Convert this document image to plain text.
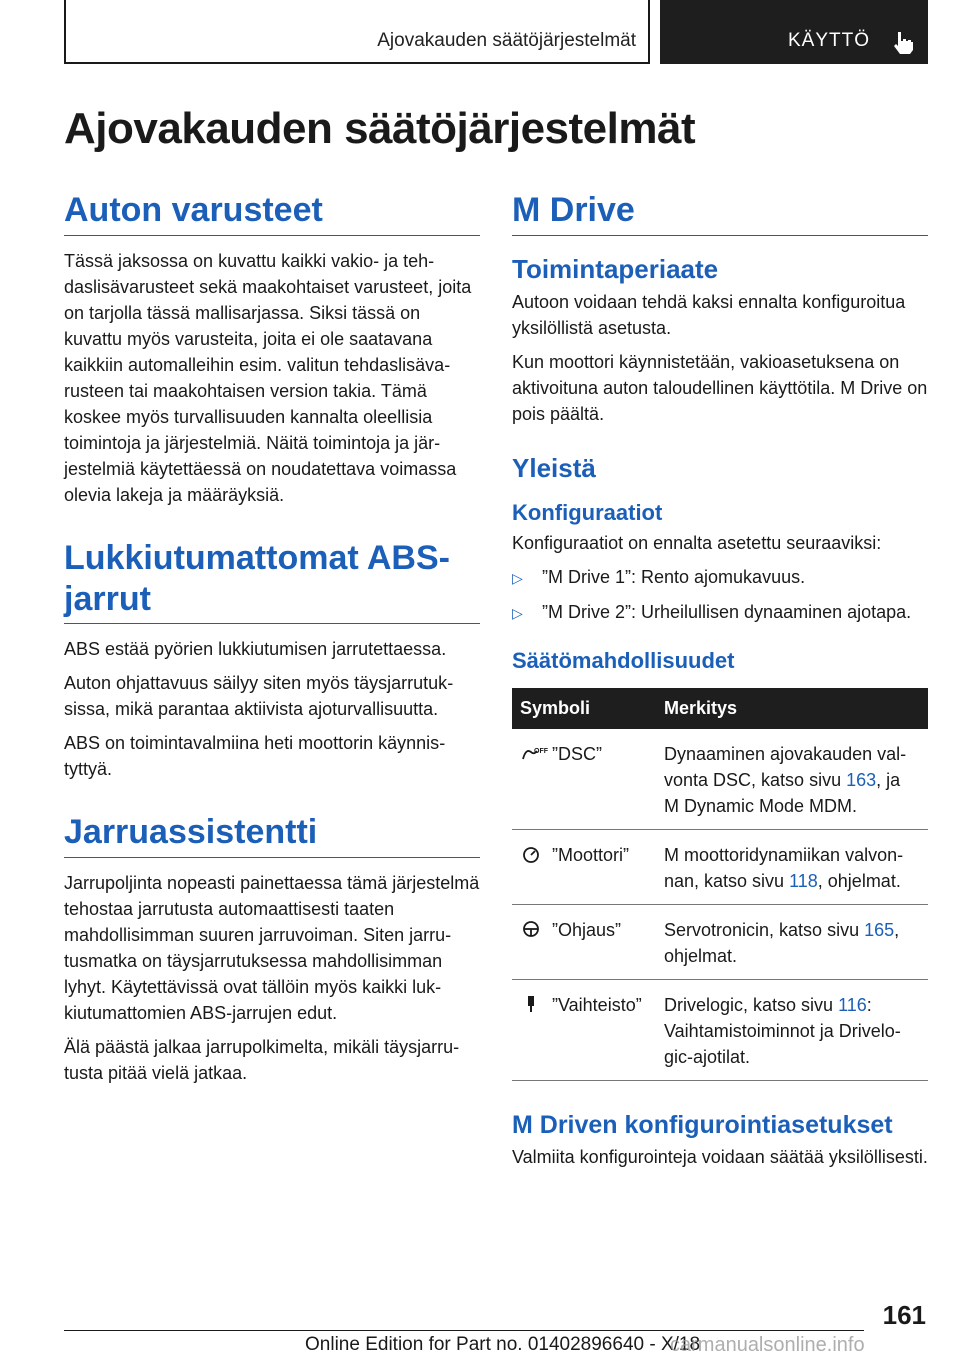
Ajovakauden säätöjärjestelmät	KÄYTTÖ
Ajovakauden säätöjärjestelmät
Auton varusteet

Tässä jaksossa on kuvattu kaikki vakio- ja tehdaslisävarusteet sekä maakohtaiset varusteet, joita on tarjolla tässä mallisarjassa. Siksi tässä on kuvattu myös varusteita, joita ei ole saatavana kaikkiin automalleihin esim. valitun tehdaslisävarusteen tai maakohtaisen version takia. Tämä koskee myös turvallisuuden kannalta oleellisia toimintoja ja järjestelmiä. Näitä toimintoja ja järjestelmiä käytettäessä on noudatettava voimassa olevia lakeja ja määräyksiä.

Lukkiutumattomat ABS-jarrut

ABS estää pyörien lukkiutumisen jarrutettaessa.

Auton ohjattavuus säilyy siten myös täysjarrutuksissa, mikä parantaa aktiivista ajoturvallisuutta.

ABS on toimintavalmiina heti moottorin käynnistyttyä.

Jarruassistentti

Jarrupoljinta nopeasti painettaessa tämä järjestelmä tehostaa jarrutusta automaattisesti taaten mahdollisimman suuren jarruvoiman. Siten jarrutusmatka on täysjarrutuksessa mahdollisimman lyhyt. Käytettävissä ovat tällöin myös kaikki lukkiutumattomien ABS-jarrujen edut.

Älä päästä jalkaa jarrupolkimelta, mikäli täysjarrutusta pitää vielä jatkaa.

M Drive
Toimintaperiaate

Autoon voidaan tehdä kaksi ennalta konfiguroitua yksilöllistä asetusta.

Kun moottori käynnistetään, vakioasetuksena on aktivoituna auton taloudellinen käyttötila. M Drive on pois päältä.

Yleistä
Konfiguraatiot

Konfiguraatiot on ennalta asetettu seuraaviksi:

▷	”M Drive 1”: Rento ajomukavuus.
▷	”M Drive 2”: Urheilullisen dynaaminen ajotapa.
Säätömahdollisuudet
Symboli	Merkitys

OFF ”DSC”	Dynaaminen ajovakauden valvonta DSC, katso sivu 163, ja M Dynamic Mode MDM.
”Moottori”	M moottoridynamiikan valvonnan, katso sivu 118, ohjelmat.
”Ohjaus”	Servotronicin, katso sivu 165, ohjelmat.
”Vaihteisto”	Drivelogic, katso sivu 116: Vaihtamistoiminnot ja Drivelogic-ajotilat.
M Driven konfigurointiasetukset

Valmiita konfigurointeja voidaan säätää yksilöllisesti.

161
Online Edition for Part no. 01402896640 - X/18
carmanualsonline.info
